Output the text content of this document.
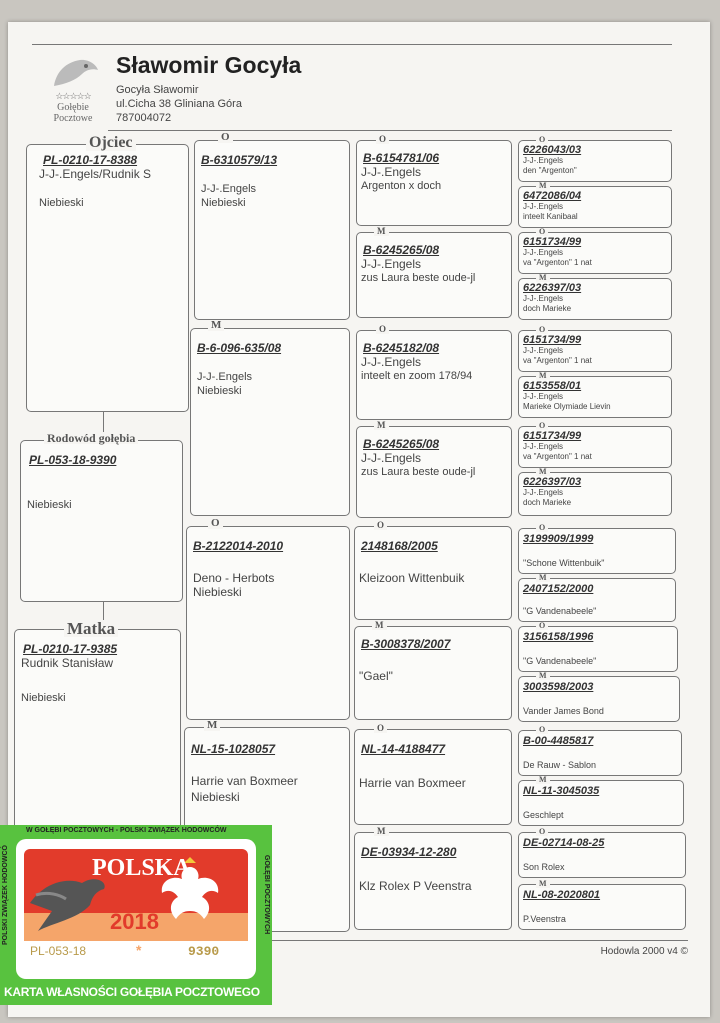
☆☆☆☆☆
Gołębie
Pocztowe
Sławomir Gocyła
Gocyła Sławomir
ul.Cicha 38 Gliniana Góra
787004072
PL-0210-17-8388
J-J-.Engels/Rudnik S
Niebieski
Ojciec
PL-053-18-9390
Niebieski
Rodowód gołębia
PL-0210-17-9385
Rudnik Stanisław
Niebieski
Matka
B-6310579/13
J-J-.Engels
Niebieski
O
B-6-096-635/08
J-J-.Engels
Niebieski
M
B-2122014-2010
Deno - Herbots
Niebieski
O
NL-15-1028057
Harrie van Boxmeer
Niebieski
M
B-6154781/06
J-J-.Engels
Argenton x doch
O
B-6245265/08
J-J-.Engels
zus Laura beste oude-jl
M
B-6245182/08
J-J-.Engels
inteelt en zoom 178/94
O
B-6245265/08
J-J-.Engels
zus Laura beste oude-jl
M
2148168/2005
Kleizoon Wittenbuik
O
B-3008378/2007
"Gael"
M
NL-14-4188477
Harrie van Boxmeer
O
DE-03934-12-280
Klz Rolex P Veenstra
M
6226043/03
J-J-.Engels
den "Argenton"
O
6472086/04
J-J-.Engels
inteelt Kanibaal
M
6151734/99
J-J-.Engels
va "Argenton" 1 nat
O
6226397/03
J-J-.Engels
doch Marieke
M
6151734/99
J-J-.Engels
va "Argenton" 1 nat
O
6153558/01
J-J-.Engels
Marieke Olymiade Lievin
M
6151734/99
J-J-.Engels
va "Argenton" 1 nat
O
6226397/03
J-J-.Engels
doch Marieke
M
3199909/1999
"Schone Wittenbuik"
O
2407152/2000
"G Vandenabeele"
M
3156158/1996
"G Vandenabeele"
O
3003598/2003
Vander James Bond
M
B-00-4485817
De Rauw - Sablon
O
NL-11-3045035
Geschlept
M
DE-02714-08-25
Son Rolex
O
NL-08-2020801
P.Veenstra
M
Hodowla 2000 v4 ©
W GOŁĘBI POCZTOWYCH - POLSKI ZWIĄZEK HODOWCÓW
POLSKI ZWIĄZEK HODOWCÓ	GOŁĘBI POCZTOWYCH
POLSKA
2018
PL-053-18	*	9390
KARTA WŁASNOŚCI GOŁĘBIA POCZTOWEGO
